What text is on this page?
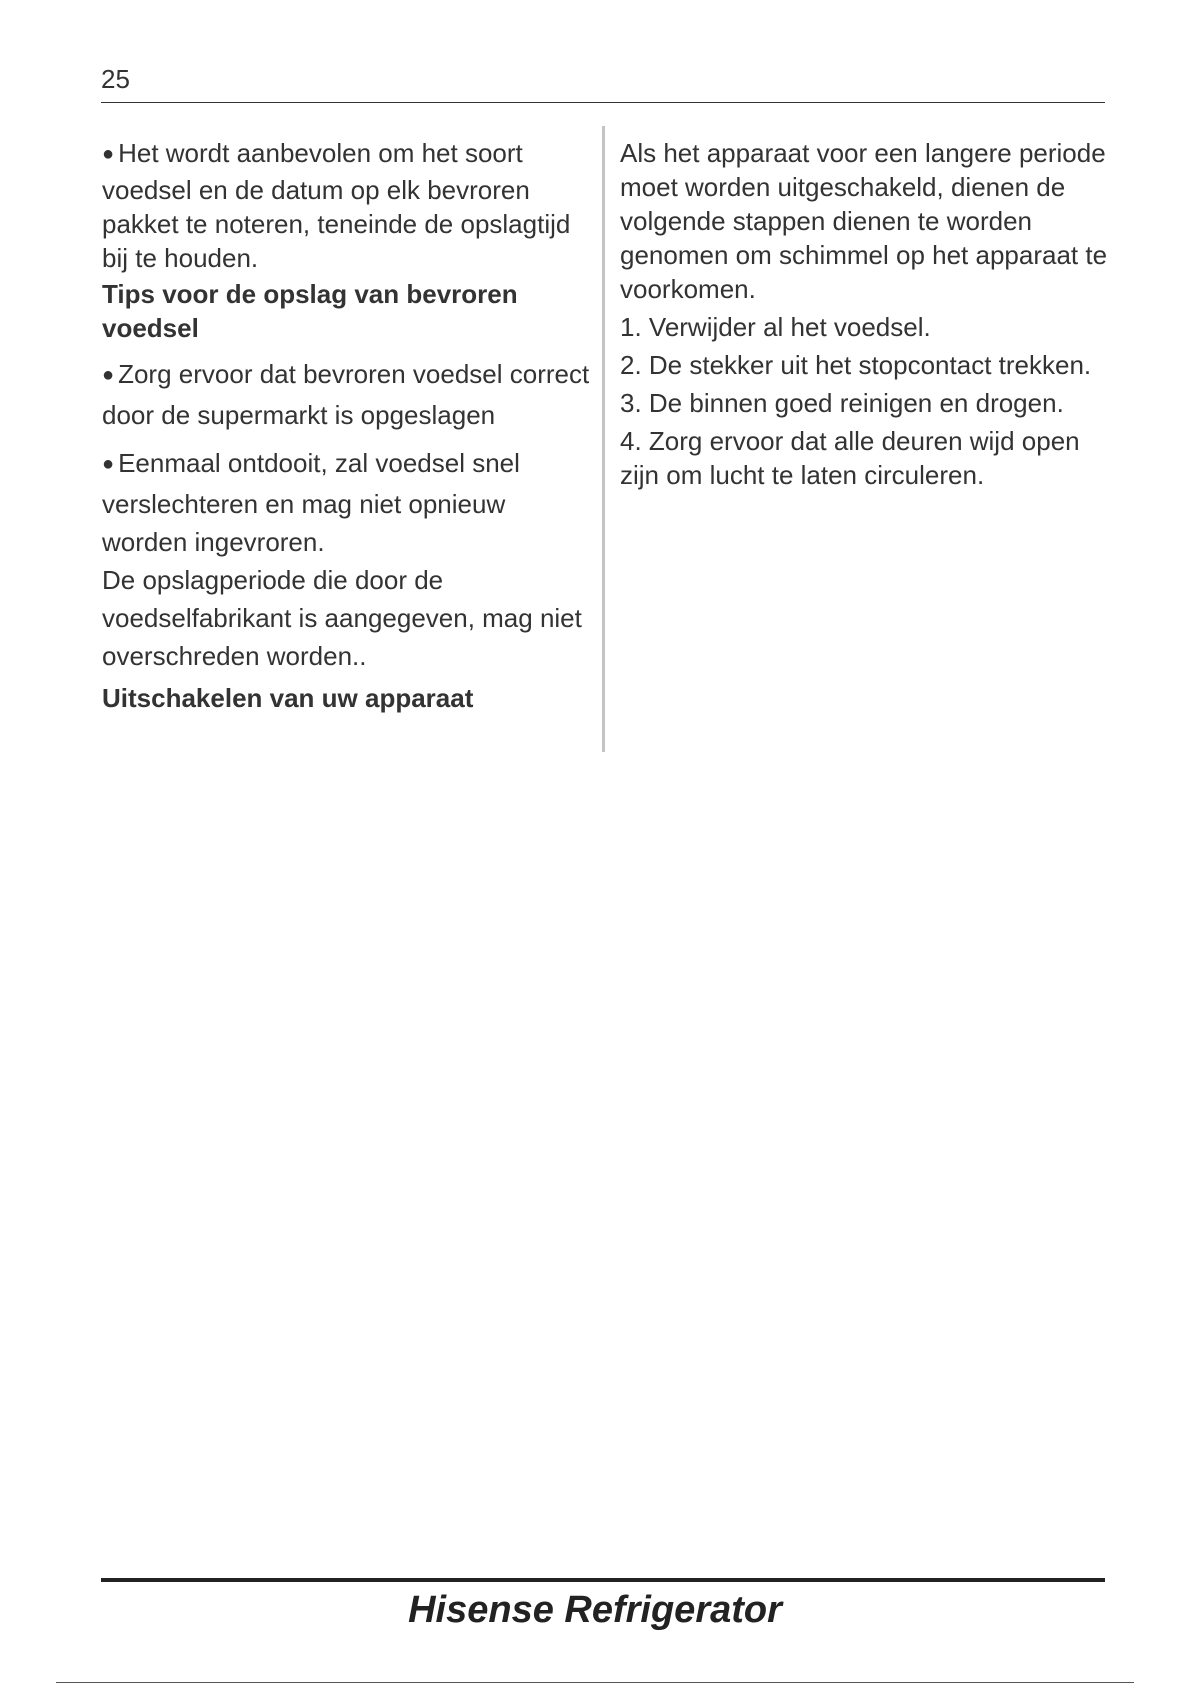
25

● Het wordt aanbevolen om het soort voedsel en de datum op elk bevroren pakket te noteren, teneinde de opslagtijd bij te houden.

Tips voor de opslag van bevroren voedsel

● Zorg ervoor dat bevroren voedsel correct door de supermarkt is opgeslagen

● Eenmaal ontdooit, zal voedsel snel verslechteren en mag niet opnieuw worden ingevroren.

De opslagperiode die door de voedselfabrikant is aangegeven, mag niet overschreden worden..

Uitschakelen van uw apparaat

Als het apparaat voor een langere periode moet worden uitgeschakeld, dienen de volgende stappen dienen te worden genomen om schimmel op het apparaat te voorkomen.

1. Verwijder al het voedsel.

2. De stekker uit het stopcontact trekken.

3. De binnen goed reinigen en drogen.

4. Zorg ervoor dat alle deuren wijd open zijn om lucht te laten circuleren.

Hisense Refrigerator
